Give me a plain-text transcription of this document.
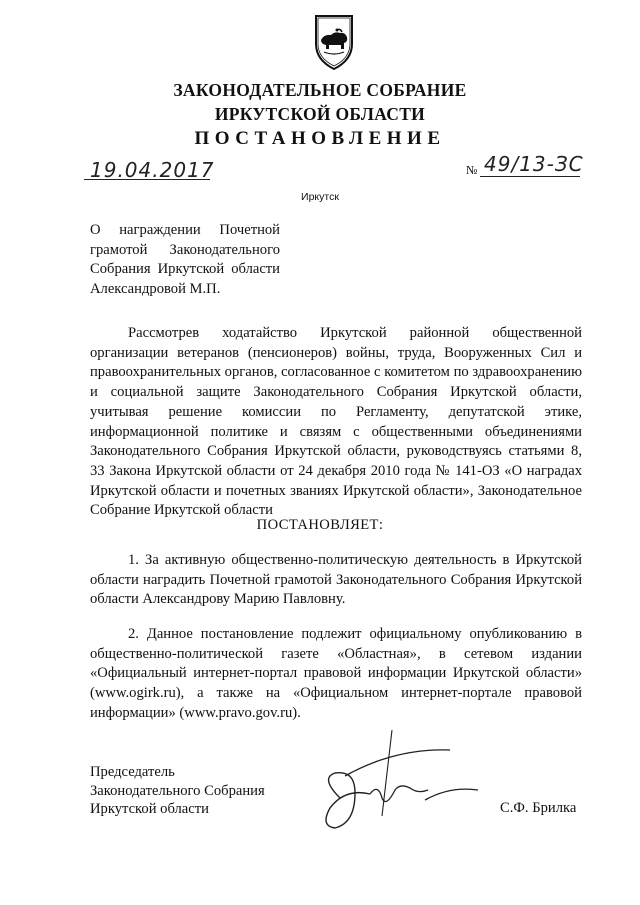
ЗАКОНОДАТЕЛЬНОЕ СОБРАНИЕ
ИРКУТСКОЙ ОБЛАСТИ
ПОСТАНОВЛЕНИЕ
19.04.2017	№ 49/13-ЗС
Иркутск
О награждении Почетной грамотой Законодательного Собрания Иркутской области Александровой М.П.
Рассмотрев ходатайство Иркутской районной общественной организации ветеранов (пенсионеров) войны, труда, Вооруженных Сил и правоохранительных органов, согласованное с комитетом по здравоохранению и социальной защите Законодательного Собрания Иркутской области, учитывая решение комиссии по Регламенту, депутатской этике, информационной политике и связям с общественными объединениями Законодательного Собрания Иркутской области, руководствуясь статьями 8, 33 Закона Иркутской области от 24 декабря 2010 года № 141-ОЗ «О наградах Иркутской области и почетных званиях Иркутской области», Законодательное Собрание Иркутской области
ПОСТАНОВЛЯЕТ:
1. За активную общественно-политическую деятельность в Иркутской области наградить Почетной грамотой Законодательного Собрания Иркутской области Александрову Марию Павловну.
2. Данное постановление подлежит официальному опубликованию в общественно-политической газете «Областная», в сетевом издании «Официальный интернет-портал правовой информации Иркутской области» (www.ogirk.ru), а также на «Официальном интернет-портале правовой информации» (www.pravo.gov.ru).
Председатель
Законодательного Собрания
Иркутской области	С.Ф. Брилка
